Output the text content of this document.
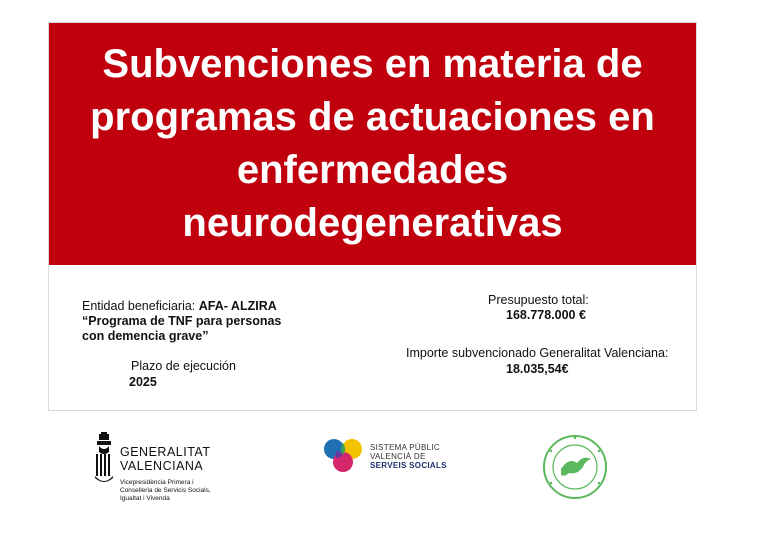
Subvenciones en materia de
programas de actuaciones en
enfermedades
neurodegenerativas
Entidad beneficiaria: AFA- ALZIRA
“Programa de TNF para personas con demencia grave”
Plazo de ejecución
2025
Presupuesto total:
168.778.000 €
Importe subvencionado Generalitat Valenciana:
18.035,54€
GENERALITAT
VALENCIANA
Vicepresidència Primera i
Conselleria de Servicis Socials,
Igualtat i Vivenda
SISTEMA PÚBLIC
VALENCIÀ DE
SERVEIS SOCIALS
